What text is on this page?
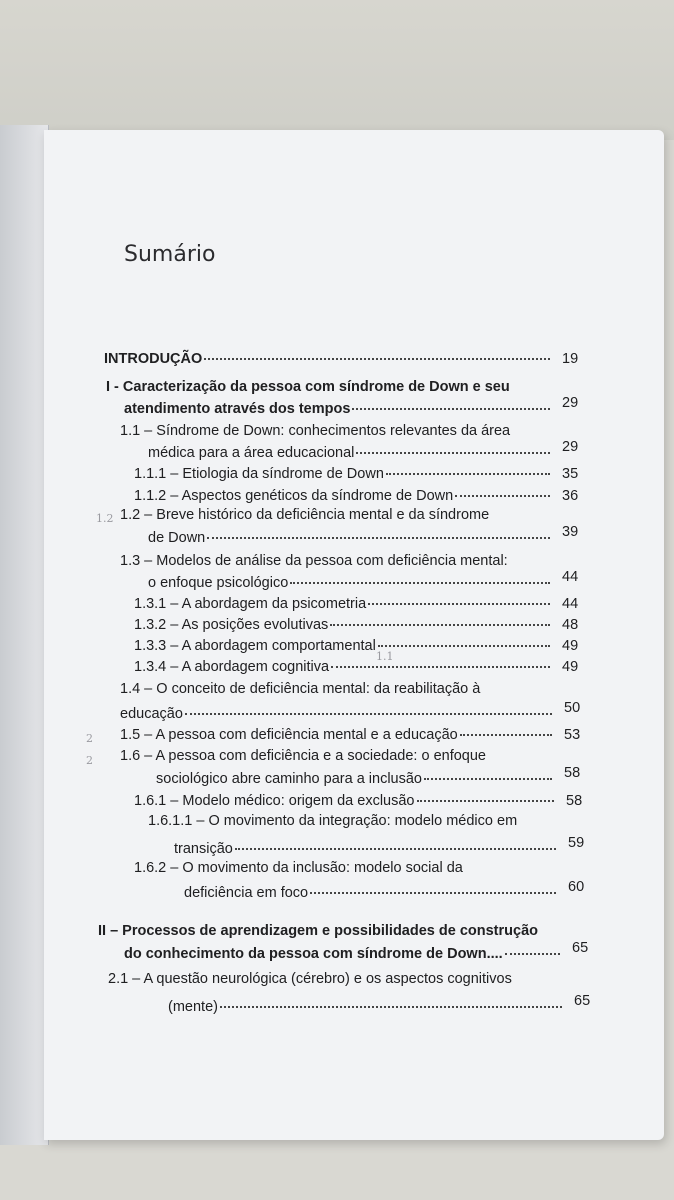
Sumário
INTRODUÇÃO	19
I - Caracterização da pessoa com síndrome de Down e seu
atendimento através dos tempos	29
1.1 – Síndrome de Down: conhecimentos relevantes da área
médica para a área educacional	29
1.1.1 – Etiologia da síndrome de Down	35
1.1.2 – Aspectos genéticos da síndrome de Down	36
1.2 – Breve histórico da deficiência mental e da síndrome
de Down	39
1.3 – Modelos de análise da pessoa com deficiência mental:
o enfoque psicológico	44
1.3.1 – A abordagem da psicometria	44
1.3.2 – As posições evolutivas	48
1.3.3 – A abordagem comportamental	49
1.3.4 – A abordagem cognitiva	49
1.4 – O conceito de deficiência mental: da reabilitação à
educação	50
1.5 – A pessoa com deficiência mental e a educação	53
1.6 – A pessoa com deficiência e a sociedade: o enfoque
sociológico abre caminho para a inclusão	58
1.6.1 – Modelo médico: origem da exclusão	58
1.6.1.1 – O movimento da integração: modelo médico em
transição	59
1.6.2 – O movimento da inclusão: modelo social da
deficiência em foco	60
II – Processos de aprendizagem e possibilidades de construção
do conhecimento da pessoa com síndrome de Down....	65
2.1 – A questão neurológica (cérebro) e os aspectos cognitivos
(mente)	65
1.2
1.1
2
2
